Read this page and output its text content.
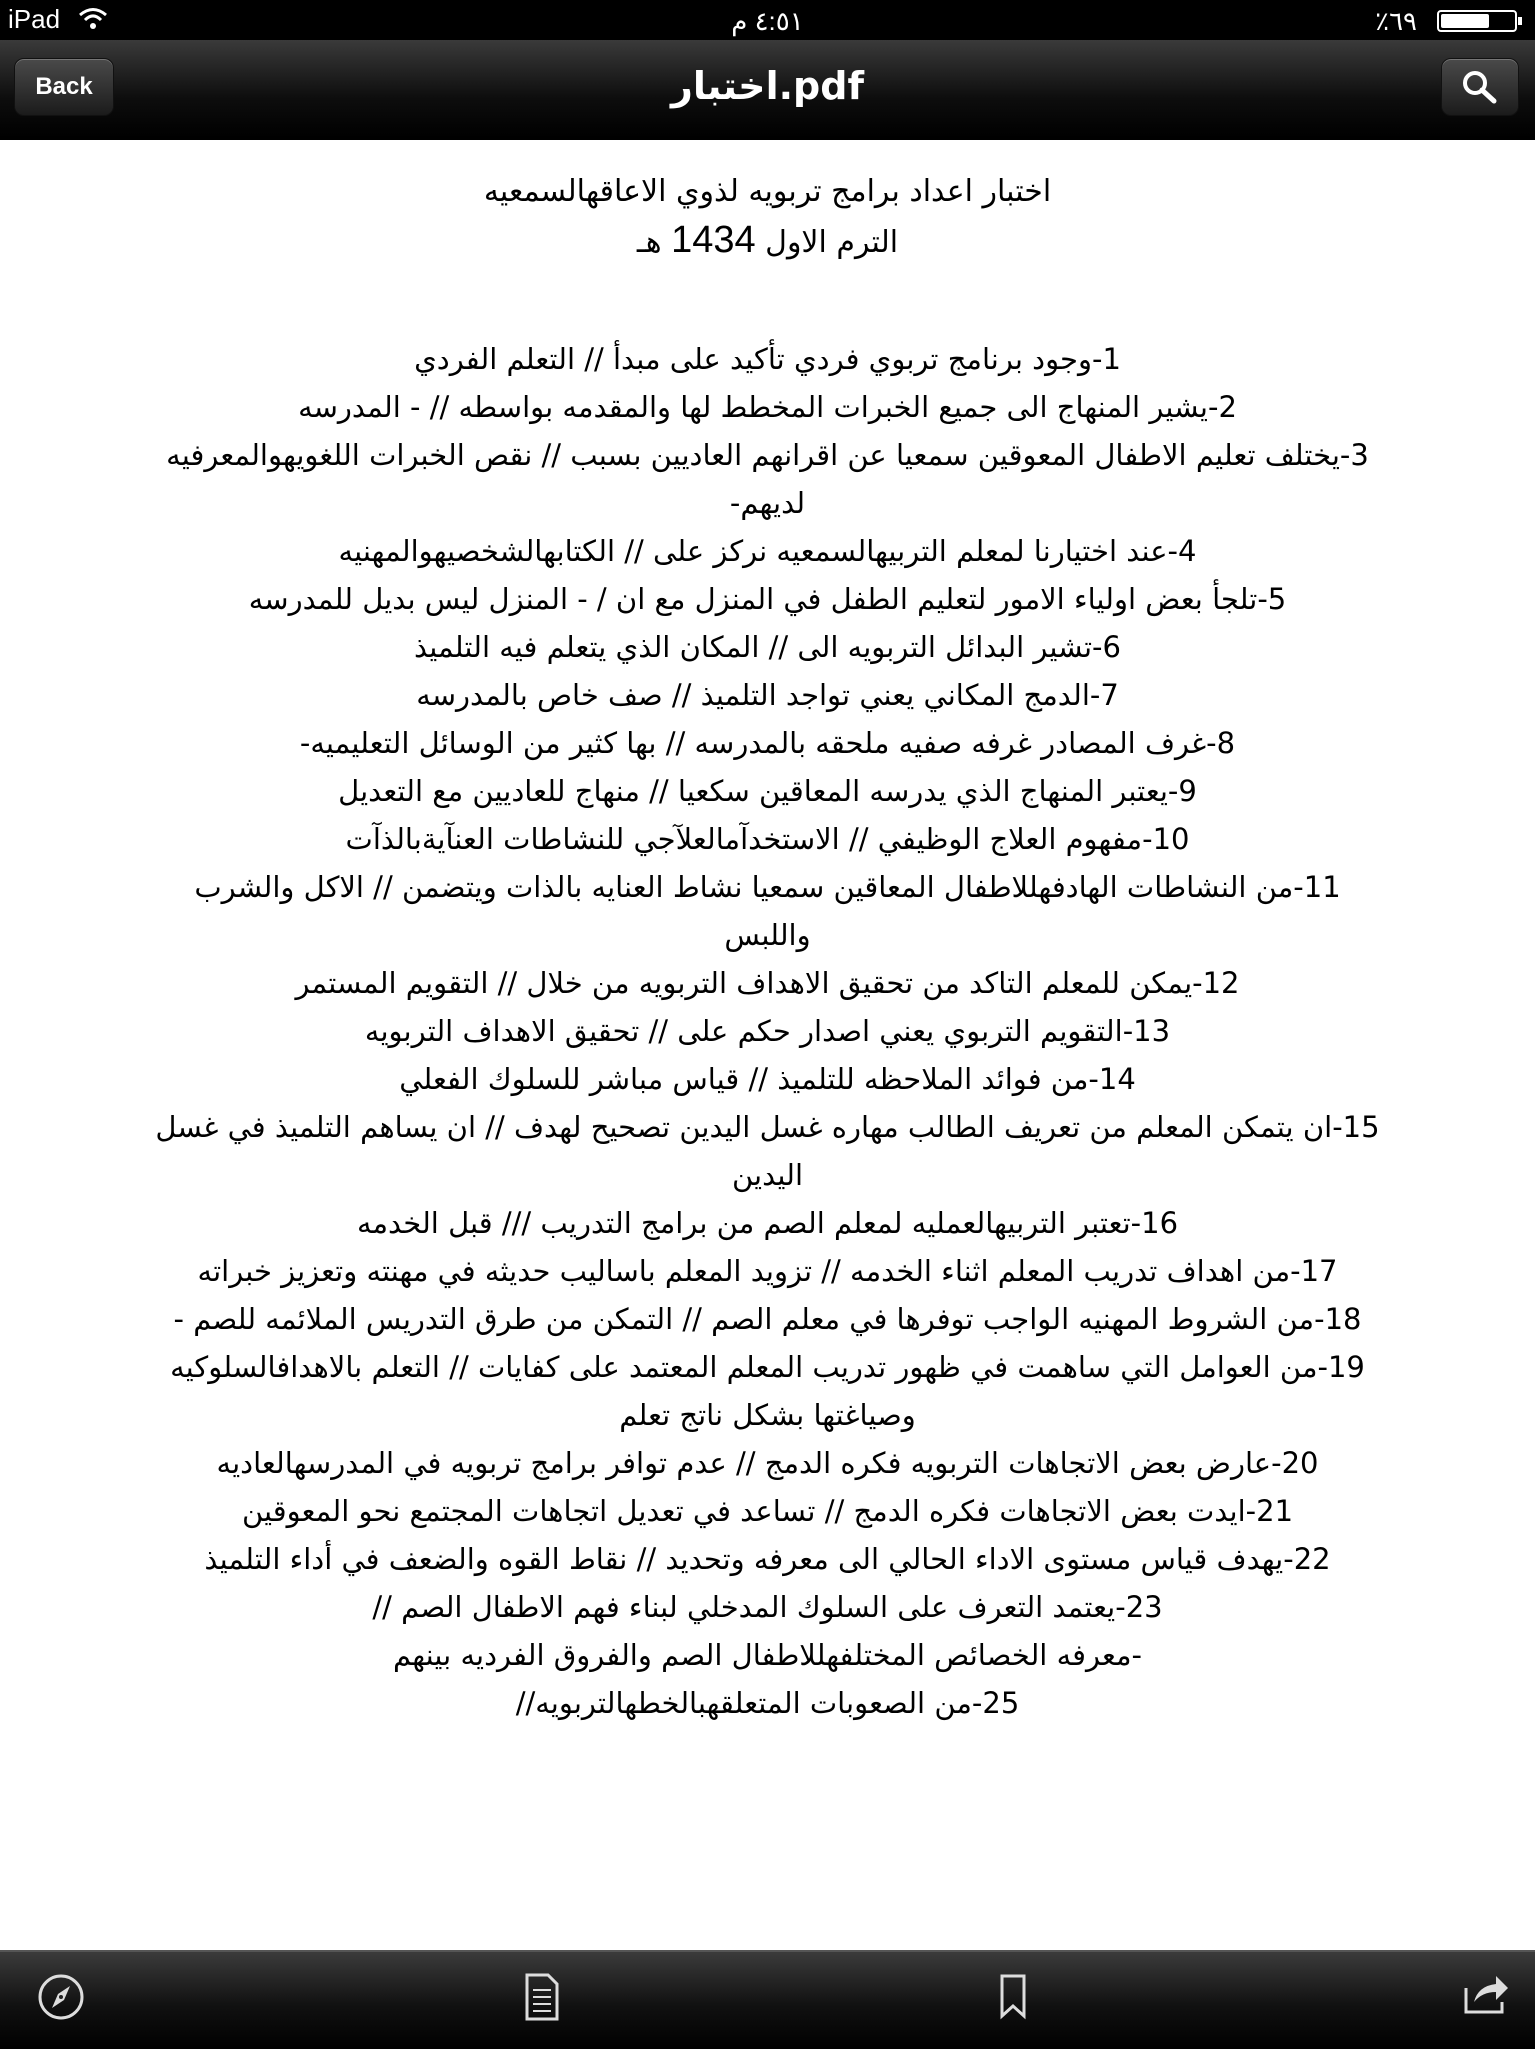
iPad	٤:٥١ م	٪٦٩
Back	اختبار.pdf
اختبار اعداد برامج تربويه لذوي الاعاقهالسمعيه
الترم الاول 1434 هـ
1-وجود برنامج تربوي فردي تأكيد على مبدأ // التعلم الفردي
2-يشير المنهاج الى جميع الخبرات المخطط لها والمقدمه بواسطه // - المدرسه
3-يختلف تعليم الاطفال المعوقين سمعيا عن اقرانهم العاديين بسبب // نقص الخبرات اللغويهوالمعرفيه لديهم-
4-عند اختيارنا لمعلم التربيهالسمعيه نركز على // الكتابهالشخصيهوالمهنيه
5-تلجأ بعض اولياء الامور لتعليم الطفل في المنزل مع ان / - المنزل ليس بديل للمدرسه
6-تشير البدائل التربويه الى // المكان الذي يتعلم فيه التلميذ
7-الدمج المكاني يعني تواجد التلميذ // صف خاص بالمدرسه
8-غرف المصادر غرفه صفيه ملحقه بالمدرسه // بها كثير من الوسائل التعليميه-
9-يعتبر المنهاج الذي يدرسه المعاقين سكعيا // منهاج للعاديين مع التعديل
10-مفهوم العلاج الوظيفي // الاستخدآمالعلآجي للنشاطات العنآيةبالذآت
11-من النشاطات الهادفهللاطفال المعاقين سمعيا نشاط العنايه بالذات ويتضمن // الاكل والشرب واللبس
12-يمكن للمعلم التاكد من تحقيق الاهداف التربويه من خلال // التقويم المستمر
13-التقويم التربوي يعني اصدار حكم على // تحقيق الاهداف التربويه
14-من فوائد الملاحظه للتلميذ // قياس مباشر للسلوك الفعلي
15-ان يتمكن المعلم من تعريف الطالب مهاره غسل اليدين تصحيح لهدف // ان يساهم التلميذ في غسل اليدين
16-تعتبر التربيهالعمليه لمعلم الصم من برامج التدريب /// قبل الخدمه
17-من اهداف تدريب المعلم اثناء الخدمه // تزويد المعلم باساليب حديثه في مهنته وتعزيز خبراته
18-من الشروط المهنيه الواجب توفرها في معلم الصم // التمكن من طرق التدريس الملائمه للصم -
19-من العوامل التي ساهمت في ظهور تدريب المعلم المعتمد على كفايات // التعلم بالاهدافالسلوكيه وصياغتها بشكل ناتج تعلم
20-عارض بعض الاتجاهات التربويه فكره الدمج // عدم توافر برامج تربويه في المدرسهالعاديه
21-ايدت بعض الاتجاهات فكره الدمج // تساعد في تعديل اتجاهات المجتمع نحو المعوقين
22-يهدف قياس مستوى الاداء الحالي الى معرفه وتحديد // نقاط القوه والضعف في أداء التلميذ
23-يعتمد التعرف على السلوك المدخلي لبناء فهم الاطفال الصم //
-معرفه الخصائص المختلفهللاطفال الصم والفروق الفرديه بينهم
25-من الصعوبات المتعلقهبالخطهالتربويه//
